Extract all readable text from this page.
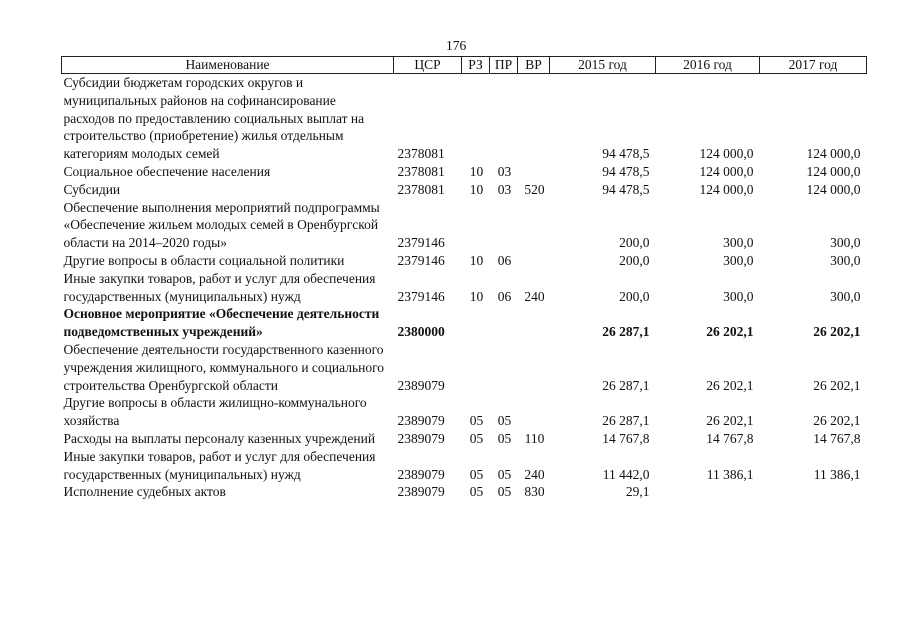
176
Наименование	ЦСР	РЗ	ПР	ВР	2015 год	2016 год	2017 год
Субсидии бюджетам городских округов и муниципальных районов на софинансирование расходов по предоставлению социальных выплат на строительство (приобретение) жилья отдельным категориям молодых семей	2378081				94 478,5	124 000,0	124 000,0
Социальное обеспечение населения	2378081	10	03		94 478,5	124 000,0	124 000,0
Субсидии	2378081	10	03	520	94 478,5	124 000,0	124 000,0
Обеспечение выполнения мероприятий подпрограммы «Обеспечение жильем молодых семей в Оренбургской области на 2014–2020 годы»	2379146				200,0	300,0	300,0
Другие вопросы в области социальной политики	2379146	10	06		200,0	300,0	300,0
Иные закупки товаров, работ и услуг для обеспечения государственных (муниципальных) нужд	2379146	10	06	240	200,0	300,0	300,0
Основное мероприятие «Обеспечение деятельности подведомственных учреждений»	2380000				26 287,1	26 202,1	26 202,1
Обеспечение деятельности государственного казенного учреждения жилищного, коммунального и социального строительства Оренбургской области	2389079				26 287,1	26 202,1	26 202,1
Другие вопросы в области жилищно-коммунального хозяйства	2389079	05	05		26 287,1	26 202,1	26 202,1
Расходы на выплаты персоналу казенных учреждений	2389079	05	05	110	14 767,8	14 767,8	14 767,8
Иные закупки товаров, работ и услуг для обеспечения государственных (муниципальных) нужд	2389079	05	05	240	11 442,0	11 386,1	11 386,1
Исполнение судебных актов	2389079	05	05	830	29,1		
